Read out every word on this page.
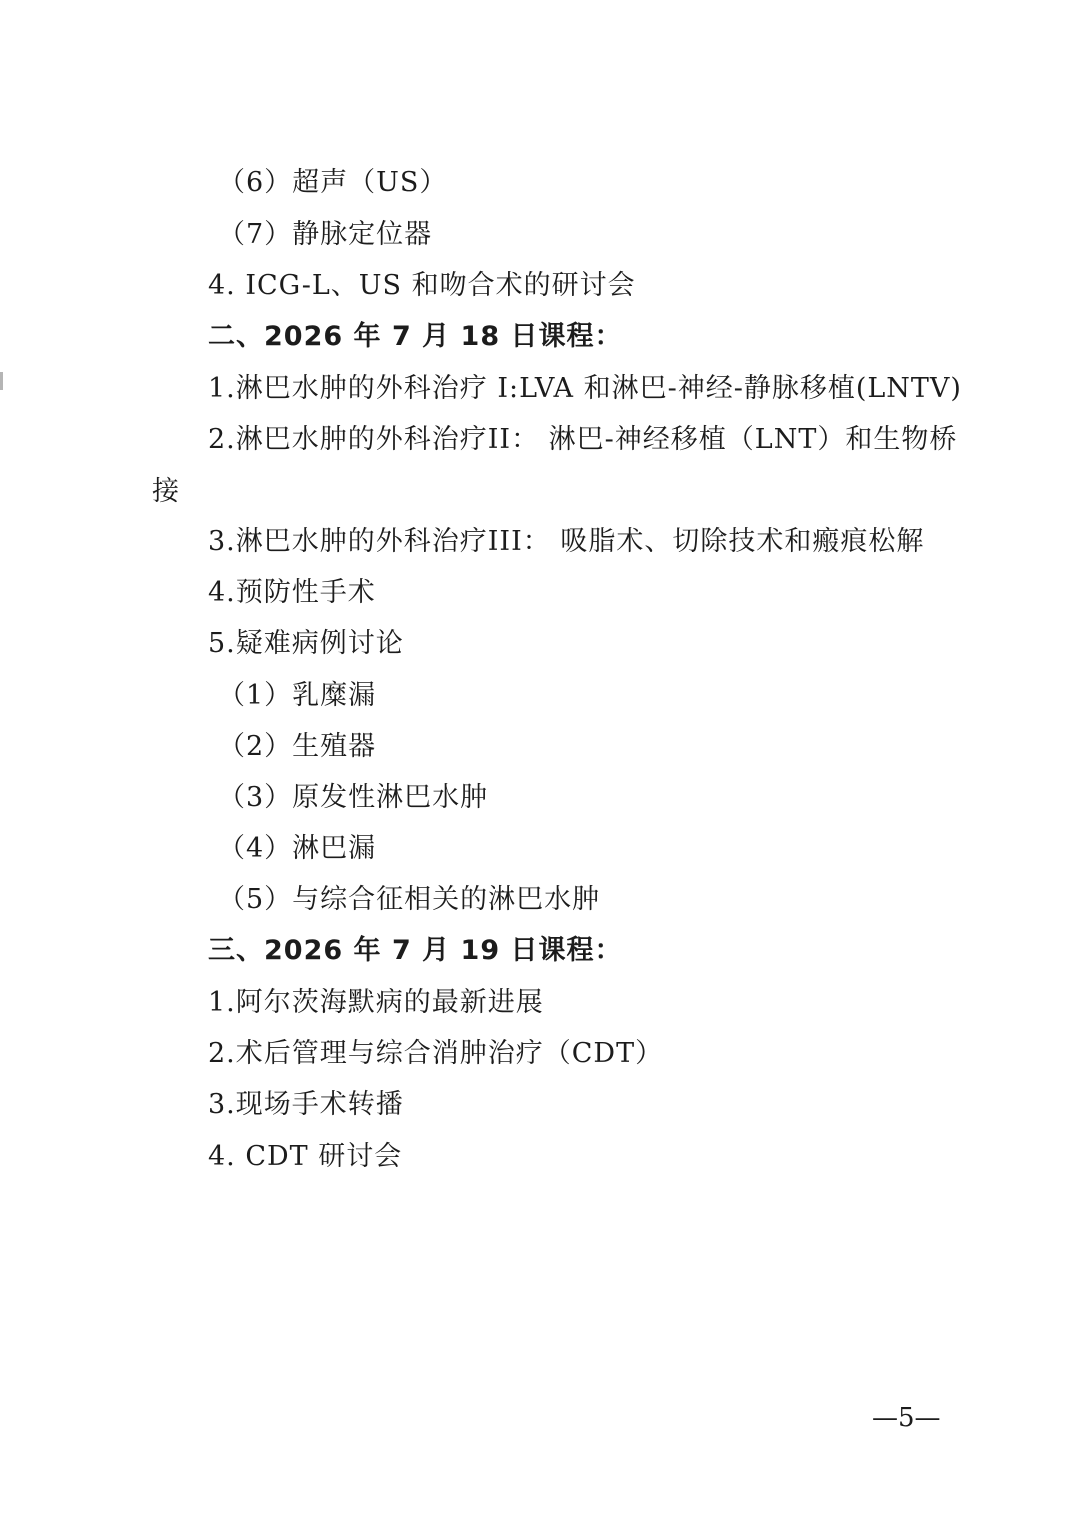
（6）超声（US）
（7）静脉定位器
4. ICG-L、US 和吻合术的研讨会
二、2026 年 7 月 18 日课程：
1.淋巴水肿的外科治疗 I:LVA 和淋巴-神经-静脉移植(LNTV)
2.淋巴水肿的外科治疗II： 淋巴-神经移植（LNT）和生物桥
接
3.淋巴水肿的外科治疗III： 吸脂术、切除技术和瘢痕松解
4.预防性手术
5.疑难病例讨论
（1）乳糜漏
（2）生殖器
（3）原发性淋巴水肿
（4）淋巴漏
（5）与综合征相关的淋巴水肿
三、2026 年 7 月 19 日课程：
1.阿尔茨海默病的最新进展
2.术后管理与综合消肿治疗（CDT）
3.现场手术转播
4. CDT 研讨会
—5—
